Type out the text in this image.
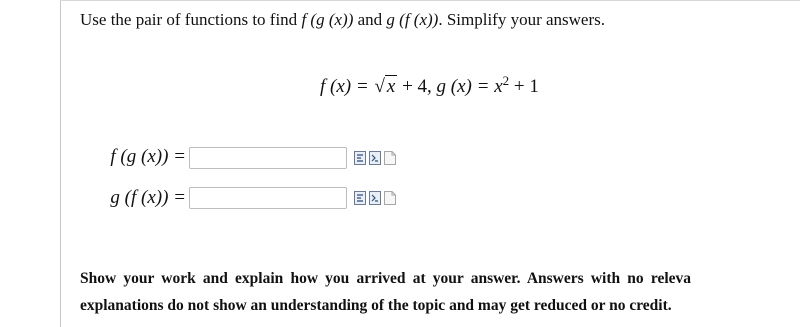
Use the pair of functions to find f (g (x)) and g (f (x)). Simplify your answers.
f (x) = √ x + 4, g $(x) = x^2 + 1$
f (g (x)) =
g (f (x)) =
Show your work and explain how you arrived at your answer. Answers with no releva
explanations do not show an understanding of the topic and may get reduced or no credit.
